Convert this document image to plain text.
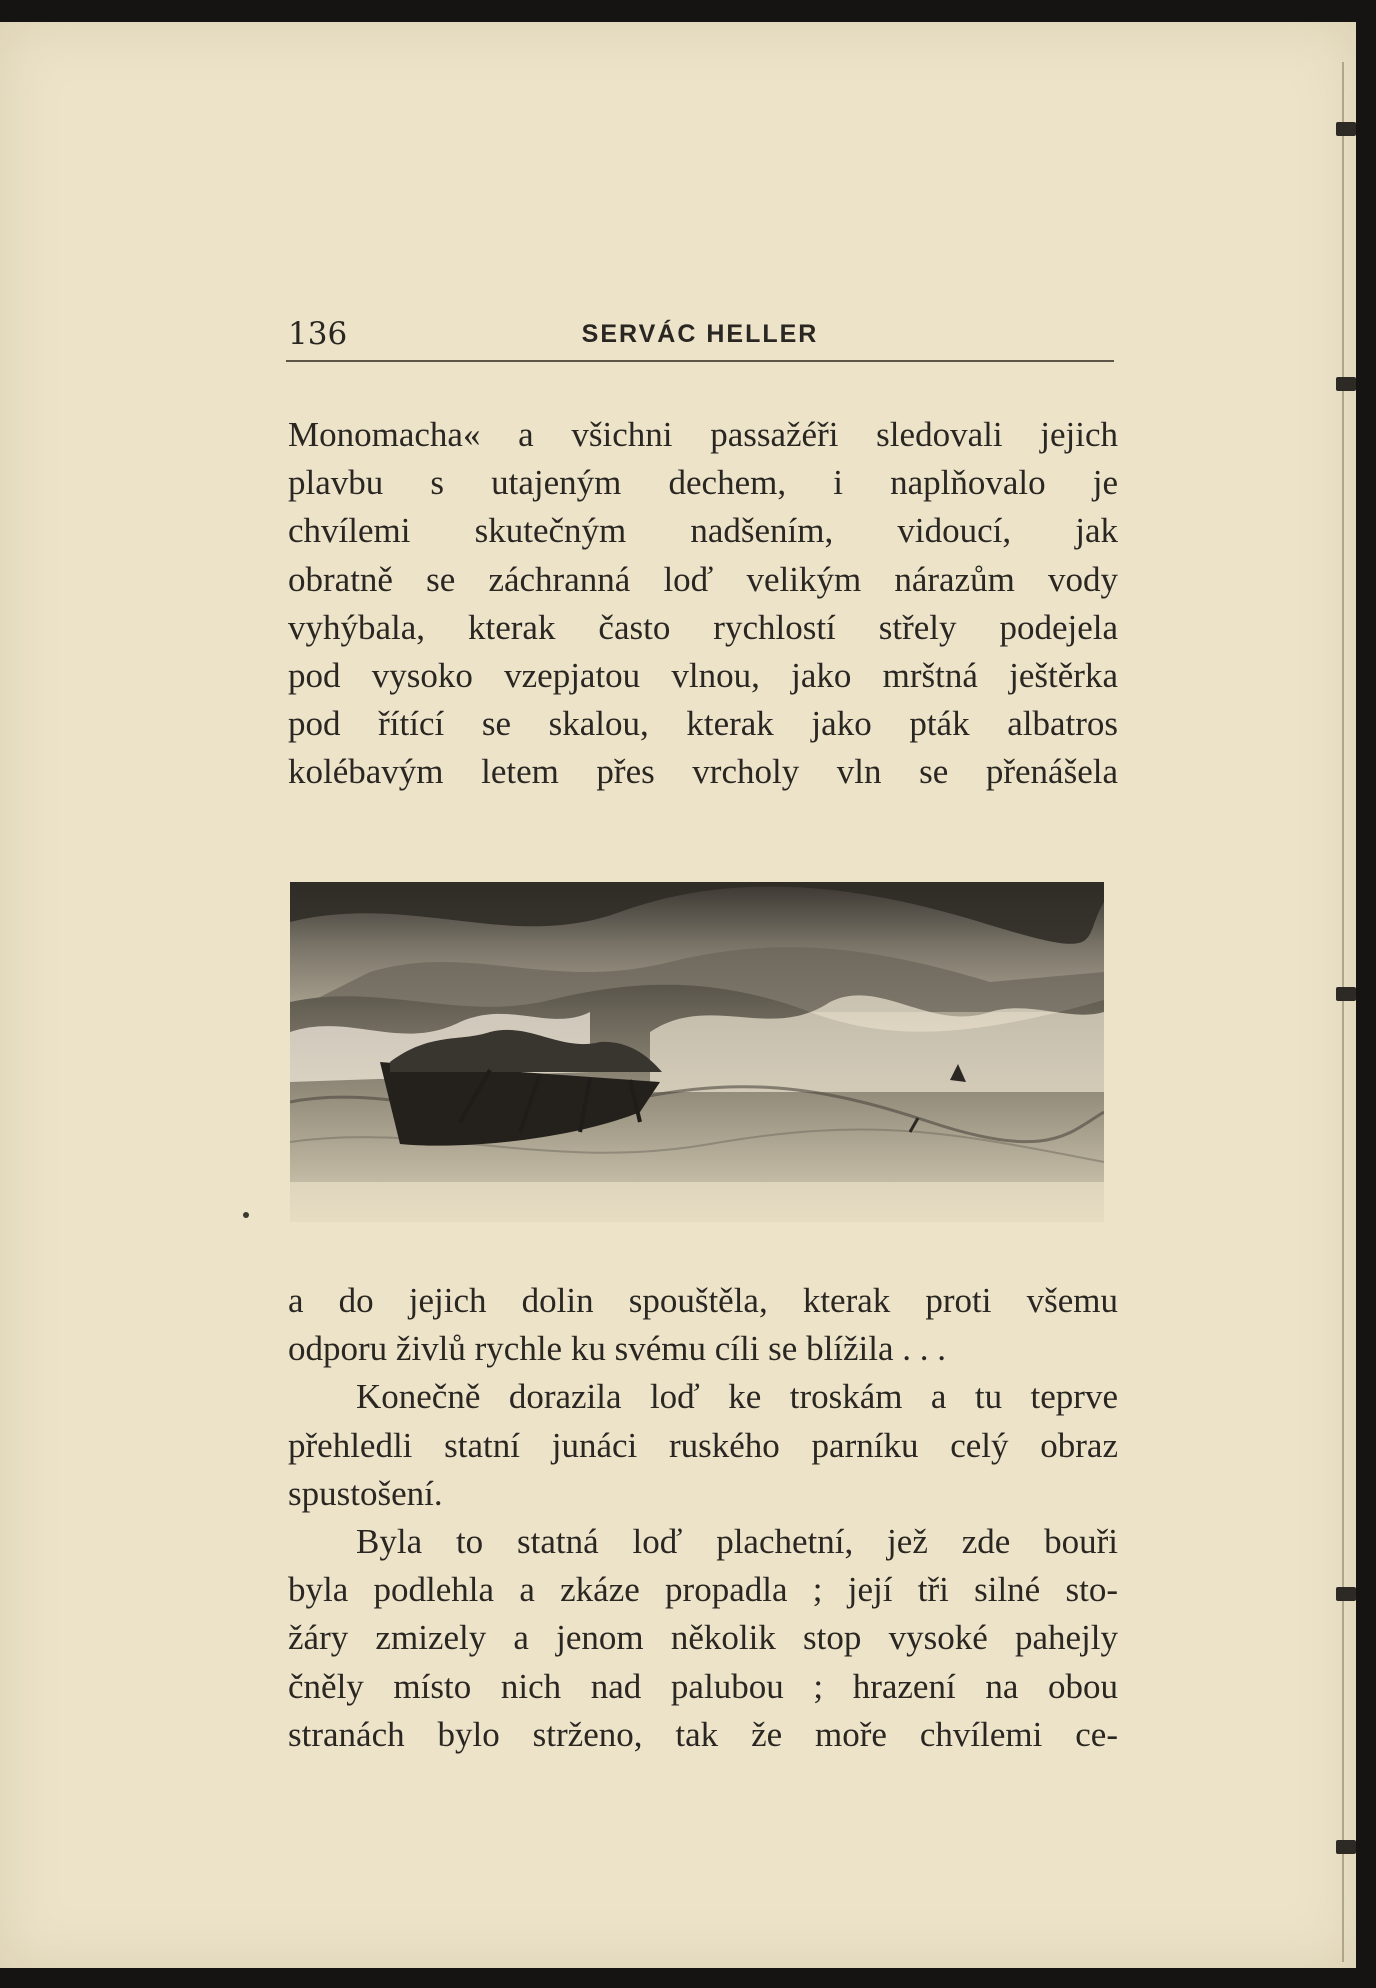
136	SERVÁC HELLER
Monomacha« a všichni passažéři sledovali jejich
plavbu s utajeným dechem, i naplňovalo je
chvílemi skutečným nadšením, vidoucí, jak
obratně se záchranná loď velikým nárazům vody
vyhýbala, kterak často rychlostí střely podejela
pod vysoko vzepjatou vlnou, jako mrštná ještěrka
pod řítící se skalou, kterak jako pták albatros
kolébavým letem přes vrcholy vln se přenášela
a do jejich dolin spouštěla, kterak proti všemu
odporu živlů rychle ku svému cíli se blížila . . .
Konečně dorazila loď ke troskám a tu teprve
přehledli statní junáci ruského parníku celý obraz
spustošení.
Byla to statná loď plachetní, jež zde bouři
byla podlehla a zkáze propadla ; její tři silné sto-
žáry zmizely a jenom několik stop vysoké pahejly
čněly místo nich nad palubou ; hrazení na obou
stranách bylo strženo, tak že moře chvílemi ce-
